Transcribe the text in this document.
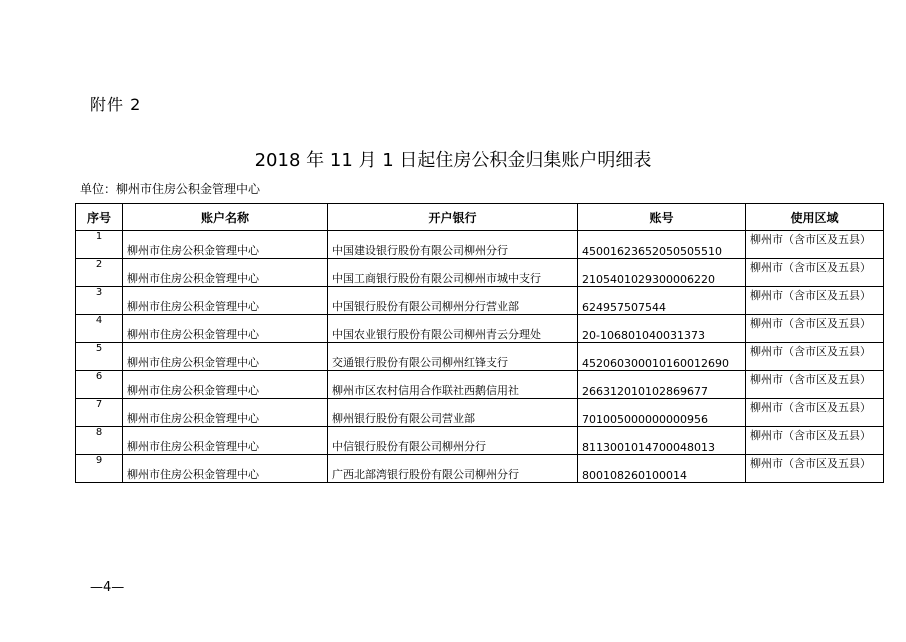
附件 2
2018 年 11 月 1 日起住房公积金归集账户明细表
单位：柳州市住房公积金管理中心
序号	账户名称	开户银行	账号	使用区域
1	柳州市住房公积金管理中心	中国建设银行股份有限公司柳州分行	45001623652050505510	柳州市（含市区及五县）
2	柳州市住房公积金管理中心	中国工商银行股份有限公司柳州市城中支行	2105401029300006220	柳州市（含市区及五县）
3	柳州市住房公积金管理中心	中国银行股份有限公司柳州分行营业部	624957507544	柳州市（含市区及五县）
4	柳州市住房公积金管理中心	中国农业银行股份有限公司柳州青云分理处	20-106801040031373	柳州市（含市区及五县）
5	柳州市住房公积金管理中心	交通银行股份有限公司柳州红锋支行	452060300010160012690	柳州市（含市区及五县）
6	柳州市住房公积金管理中心	柳州市区农村信用合作联社西鹅信用社	266312010102869677	柳州市（含市区及五县）
7	柳州市住房公积金管理中心	柳州银行股份有限公司营业部	701005000000000956	柳州市（含市区及五县）
8	柳州市住房公积金管理中心	中信银行股份有限公司柳州分行	8113001014700048013	柳州市（含市区及五县）
9	柳州市住房公积金管理中心	广西北部湾银行股份有限公司柳州分行	800108260100014	柳州市（含市区及五县）
—4—
